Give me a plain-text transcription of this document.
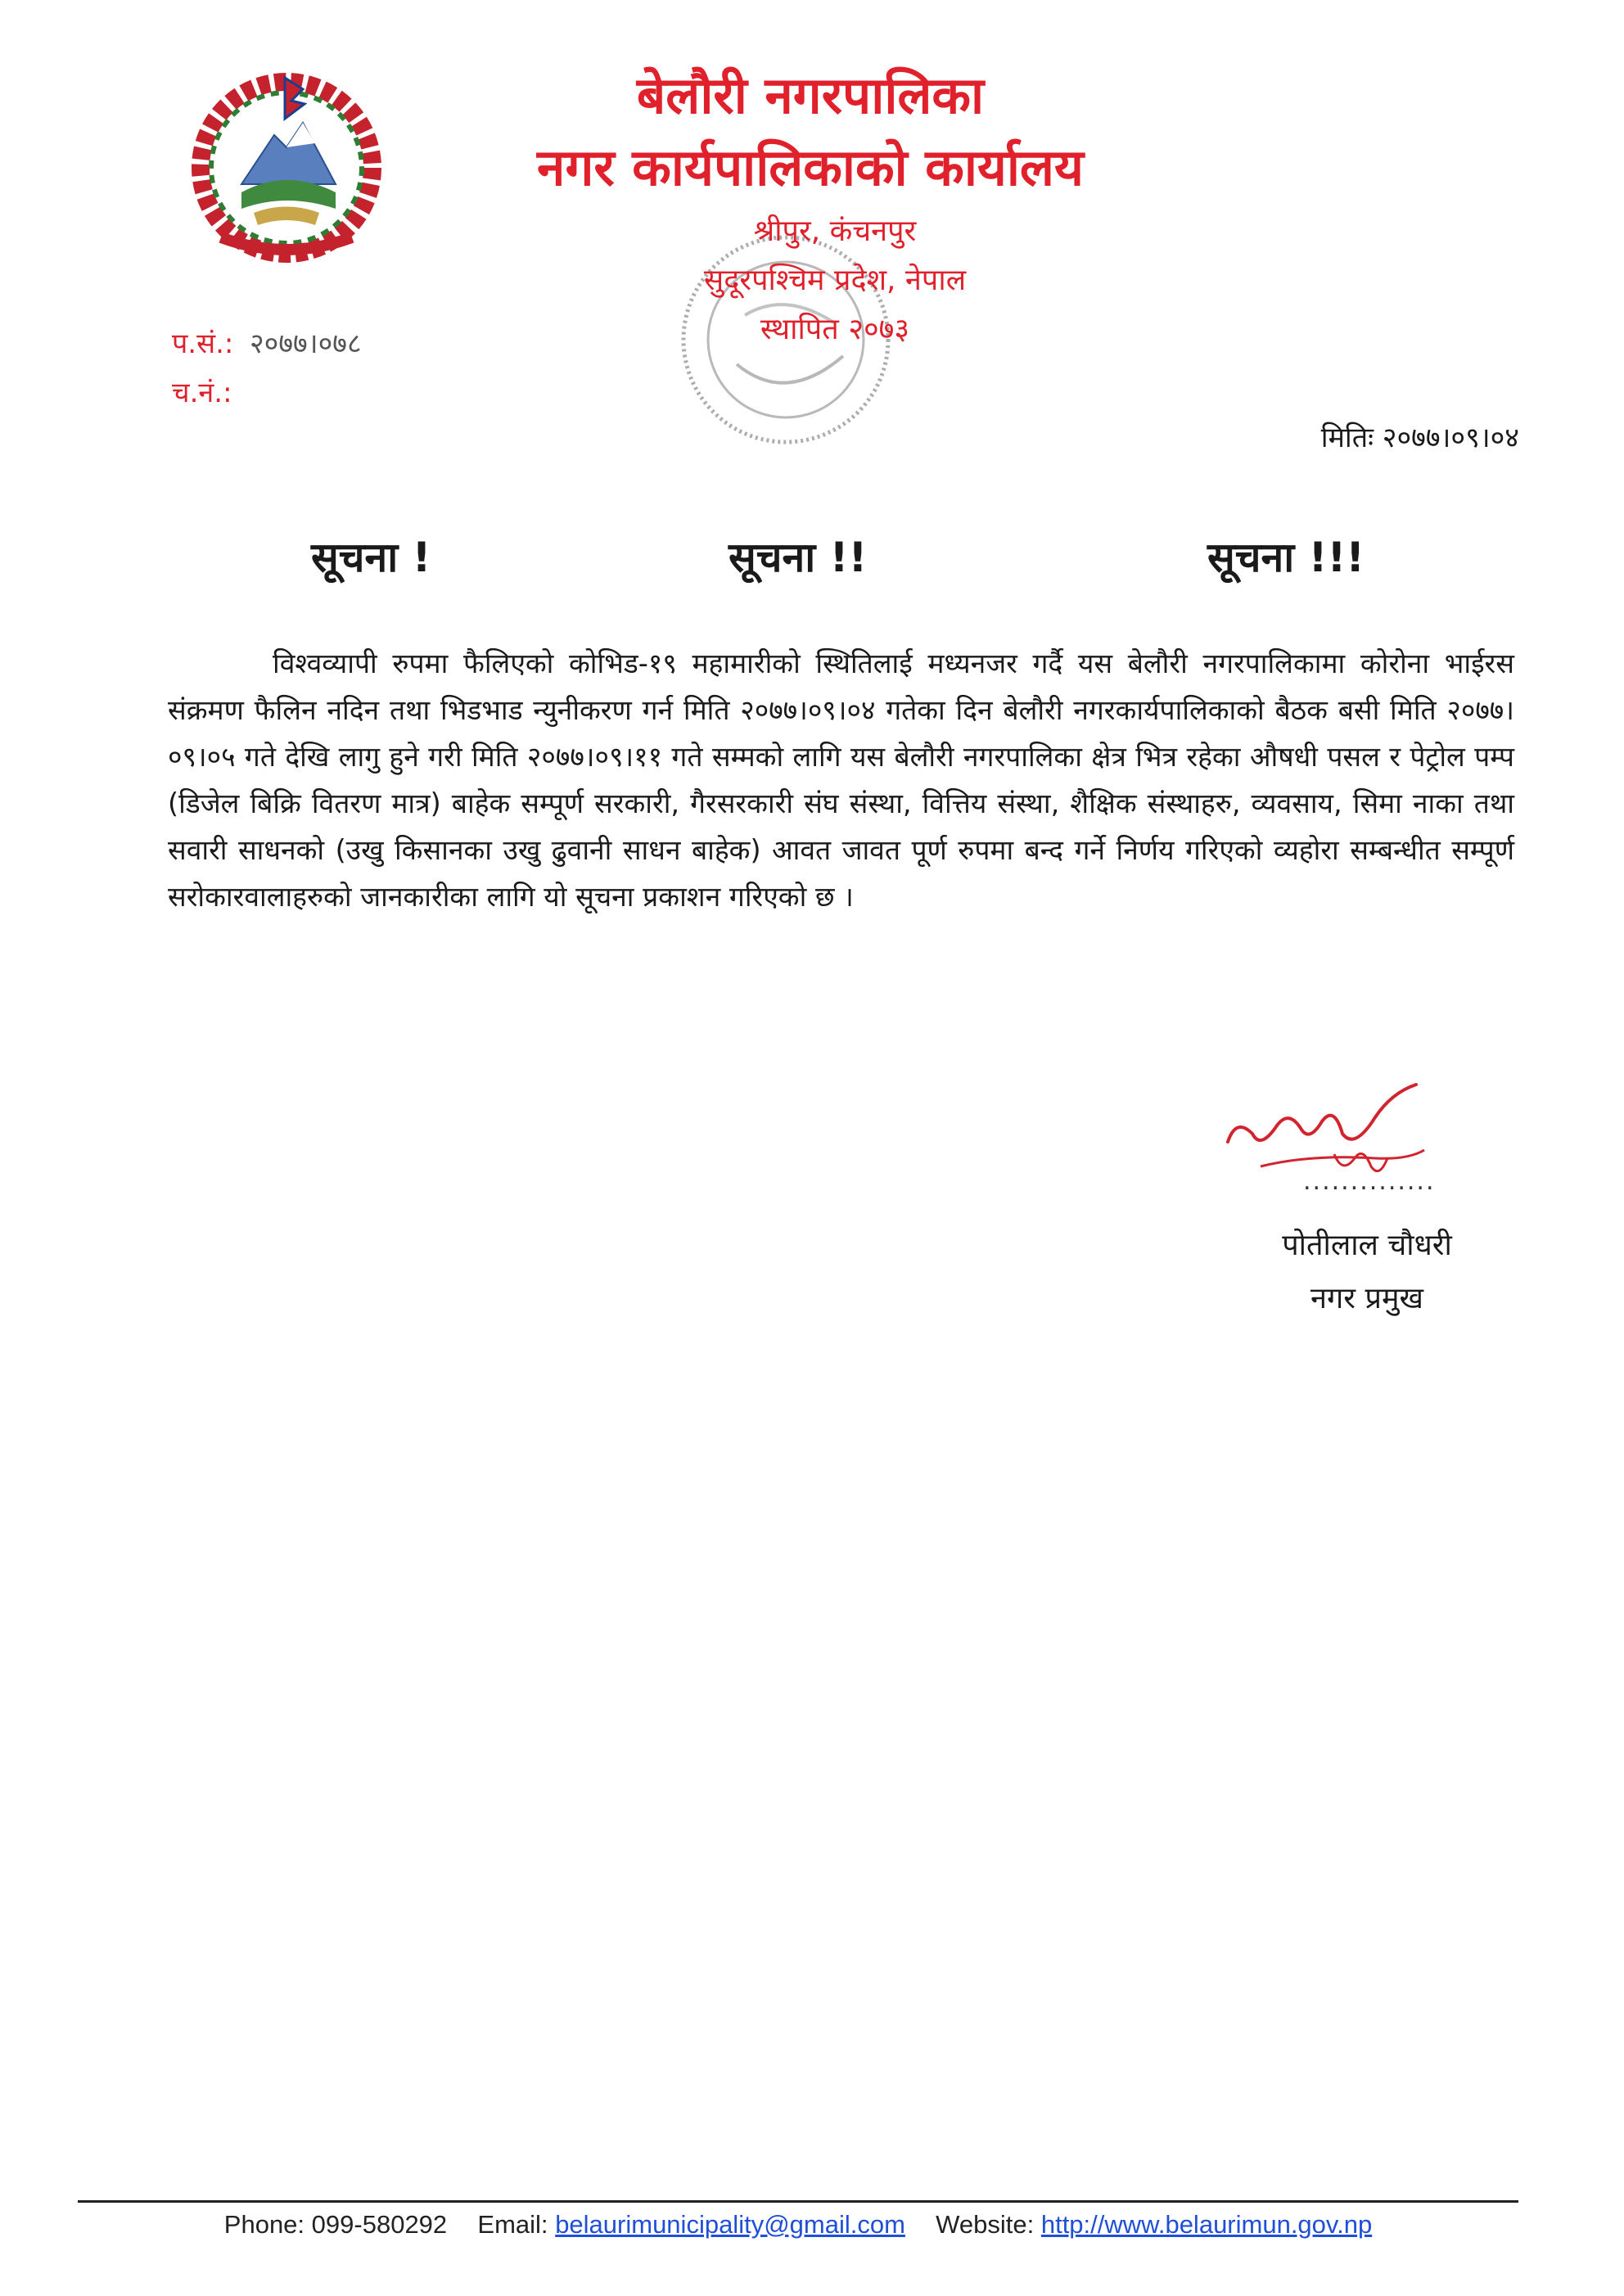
बेलौरी नगरपालिका
नगर कार्यपालिकाको कार्यालय
श्रीपुर, कंचनपुर
सुदूरपश्चिम प्रदेश, नेपाल
स्थापित २०७३
प.सं.: २०७७।०७८
च.नं.:
मितिः २०७७।०९।०४
सूचना !	सूचना !!	सूचना !!!
विश्वव्यापी रुपमा फैलिएको कोभिड-१९ महामारीको स्थितिलाई मध्यनजर गर्दै यस बेलौरी नगरपालिकामा कोरोना भाईरस संक्रमण फैलिन नदिन तथा भिडभाड न्युनीकरण गर्न मिति २०७७।०९।०४ गतेका दिन बेलौरी नगरकार्यपालिकाको बैठक बसी मिति २०७७।०९।०५ गते देखि लागु हुने गरी मिति २०७७।०९।११ गते सम्मको लागि यस बेलौरी नगरपालिका क्षेत्र भित्र रहेका औषधी पसल र पेट्रोल पम्प (डिजेल बिक्रि वितरण मात्र) बाहेक सम्पूर्ण सरकारी, गैरसरकारी संघ संस्था, वित्तिय संस्था, शैक्षिक संस्थाहरु, व्यवसाय, सिमा नाका तथा सवारी साधनको (उखु किसानका उखु ढुवानी साधन बाहेक) आवत जावत पूर्ण रुपमा बन्द गर्ने निर्णय गरिएको व्यहोरा सम्बन्धीत सम्पूर्ण सरोकारवालाहरुको जानकारीका लागि यो सूचना प्रकाशन गरिएको छ ।
..............
पोतीलाल चौधरी
नगर प्रमुख
Phone: 099-580292 Email: belaurimunicipality@gmail.com Website: http://www.belaurimun.gov.np
